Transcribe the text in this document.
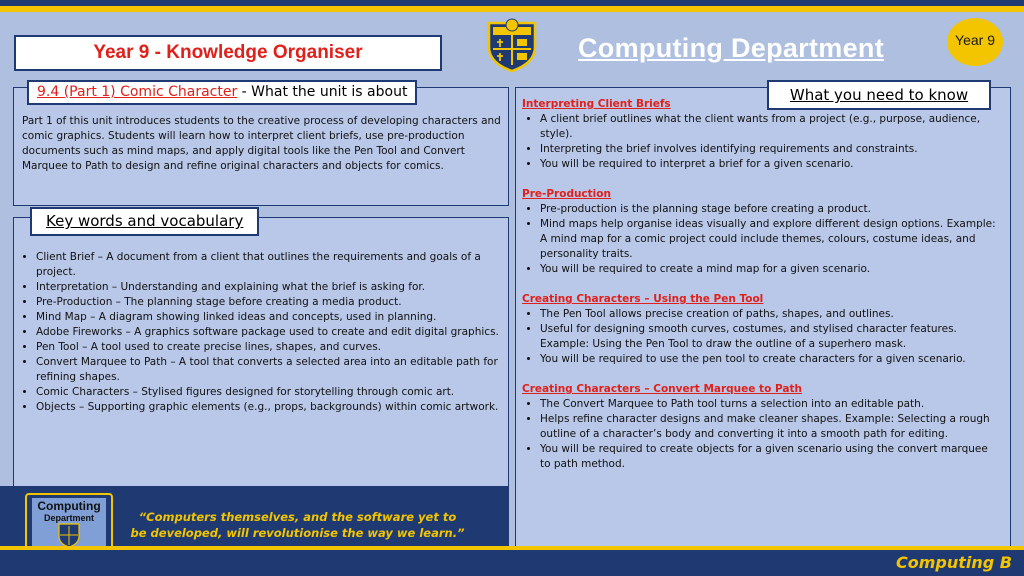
Year 9 - Knowledge Organiser	Computing Department	Year 9
9.4 (Part 1) Comic Character - What the unit is about
Part 1 of this unit introduces students to the creative process of developing characters and comic graphics. Students will learn how to interpret client briefs, use pre-production documents such as mind maps, and apply digital tools like the Pen Tool and Convert Marquee to Path to design and refine original characters and objects for comics.
Key words and vocabulary
• Client Brief – A document from a client that outlines the requirements and goals of a project.
• Interpretation – Understanding and explaining what the brief is asking for.
• Pre-Production – The planning stage before creating a media product.
• Mind Map – A diagram showing linked ideas and concepts, used in planning.
• Adobe Fireworks – A graphics software package used to create and edit digital graphics.
• Pen Tool – A tool used to create precise lines, shapes, and curves.
• Convert Marquee to Path – A tool that converts a selected area into an editable path for refining shapes.
• Comic Characters – Stylised figures designed for storytelling through comic art.
• Objects – Supporting graphic elements (e.g., props, backgrounds) within comic artwork.
Interpreting Client Briefs
• A client brief outlines what the client wants from a project (e.g., purpose, audience, style).
• Interpreting the brief involves identifying requirements and constraints.
• You will be required to interpret a brief for a given scenario.
Pre-Production
• Pre-production is the planning stage before creating a product.
• Mind maps help organise ideas visually and explore different design options. Example: A mind map for a comic project could include themes, colours, costume ideas, and personality traits.
• You will be required to create a mind map for a given scenario.
Creating Characters – Using the Pen Tool
• The Pen Tool allows precise creation of paths, shapes, and outlines.
• Useful for designing smooth curves, costumes, and stylised character features. Example: Using the Pen Tool to draw the outline of a superhero mask.
• You will be required to use the pen tool to create characters for a given scenario.
Creating Characters – Convert Marquee to Path
• The Convert Marquee to Path tool turns a selection into an editable path.
• Helps refine character designs and make cleaner shapes. Example: Selecting a rough outline of a character’s body and converting it into a smooth path for editing.
• You will be required to create objects for a given scenario using the convert marquee to path method.
What you need to know
Computing
Department	“Computers themselves, and the software yet to be developed, will revolutionise the way we learn.”
Computing B
